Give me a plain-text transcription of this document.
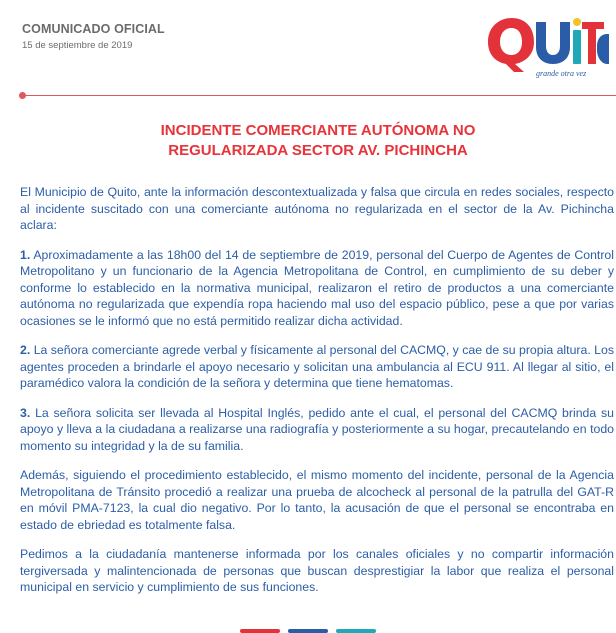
COMUNICADO OFICIAL
15 de septiembre de 2019
grande otra vez
INCIDENTE COMERCIANTE AUTÓNOMA NO
REGULARIZADA SECTOR AV. PICHINCHA

El Municipio de Quito, ante la información descontextualizada y falsa que circula en redes sociales, respecto al incidente suscitado con una comerciante autónoma no regularizada en el sector de la Av. Pichincha aclara:

1. Aproximadamente a las 18h00 del 14 de septiembre de 2019, personal del Cuerpo de Agentes de Control Metropolitano y un funcionario de la Agencia Metropolitana de Control, en cumplimiento de su deber y conforme lo establecido en la normativa municipal, realizaron el retiro de productos a una comerciante autónoma no regularizada que expendía ropa haciendo mal uso del espacio público, pese a que por varias ocasiones se le informó que no está permitido realizar dicha actividad.

2. La señora comerciante agrede verbal y físicamente al personal del CACMQ, y cae de su propia altura. Los agentes proceden a brindarle el apoyo necesario y solicitan una ambulancia al ECU 911. Al llegar al sitio, el paramédico valora la condición de la señora y determina que tiene hematomas.

3. La señora solicita ser llevada al Hospital Inglés, pedido ante el cual, el personal del CACMQ brinda su apoyo y lleva a la ciudadana a realizarse una radiografía y posteriormente a su hogar, precautelando en todo momento su integridad y la de su familia.

Además, siguiendo el procedimiento establecido, el mismo momento del incidente, personal de la Agencia Metropolitana de Tránsito procedió a realizar una prueba de alcocheck al personal de la patrulla del GAT-R en móvil PMA-7123, la cual dio negativo. Por lo tanto, la acusación de que el personal se encontraba en estado de ebriedad es totalmente falsa.

Pedimos a la ciudadanía mantenerse informada por los canales oficiales y no compartir información tergiversada y malintencionada de personas que buscan desprestigiar la labor que realiza el personal municipal en servicio y cumplimiento de sus funciones.
